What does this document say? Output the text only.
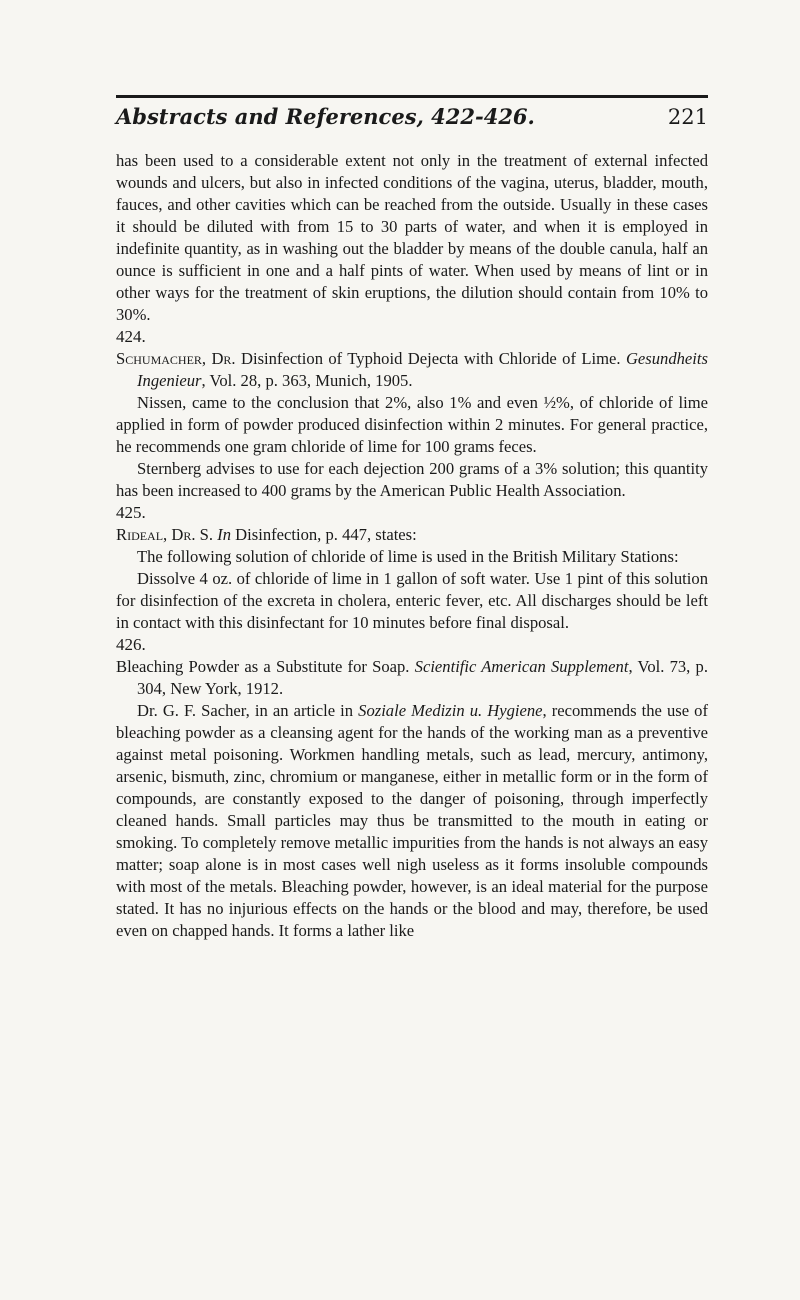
Abstracts and References, 422-426.	221

has been used to a considerable extent not only in the treatment of external infected wounds and ulcers, but also in infected conditions of the vagina, uterus, bladder, mouth, fauces, and other cavities which can be reached from the outside. Usually in these cases it should be diluted with from 15 to 30 parts of water, and when it is employed in indefinite quantity, as in washing out the bladder by means of the double canula, half an ounce is sufficient in one and a half pints of water. When used by means of lint or in other ways for the treatment of skin eruptions, the dilution should contain from 10% to 30%.

424.

Schumacher, Dr. Disinfection of Typhoid Dejecta with Chloride of Lime. Gesundheits Ingenieur, Vol. 28, p. 363, Munich, 1905.

Nissen, came to the conclusion that 2%, also 1% and even ½%, of chloride of lime applied in form of powder produced disinfection within 2 minutes. For general practice, he recommends one gram chloride of lime for 100 grams feces.

Sternberg advises to use for each dejection 200 grams of a 3% solution; this quantity has been increased to 400 grams by the American Public Health Association.

425.

Rideal, Dr. S. In Disinfection, p. 447, states:

The following solution of chloride of lime is used in the British Military Stations:

Dissolve 4 oz. of chloride of lime in 1 gallon of soft water. Use 1 pint of this solution for disinfection of the excreta in cholera, enteric fever, etc. All discharges should be left in contact with this disinfectant for 10 minutes before final disposal.

426.

Bleaching Powder as a Substitute for Soap. Scientific American Supplement, Vol. 73, p. 304, New York, 1912.

Dr. G. F. Sacher, in an article in Soziale Medizin u. Hygiene, recommends the use of bleaching powder as a cleansing agent for the hands of the working man as a preventive against metal poisoning. Workmen handling metals, such as lead, mercury, antimony, arsenic, bismuth, zinc, chromium or manganese, either in metallic form or in the form of compounds, are constantly exposed to the danger of poisoning, through imperfectly cleaned hands. Small particles may thus be transmitted to the mouth in eating or smoking. To completely remove metallic impurities from the hands is not always an easy matter; soap alone is in most cases well nigh useless as it forms insoluble compounds with most of the metals. Bleaching powder, however, is an ideal material for the purpose stated. It has no injurious effects on the hands or the blood and may, therefore, be used even on chapped hands. It forms a lather like
